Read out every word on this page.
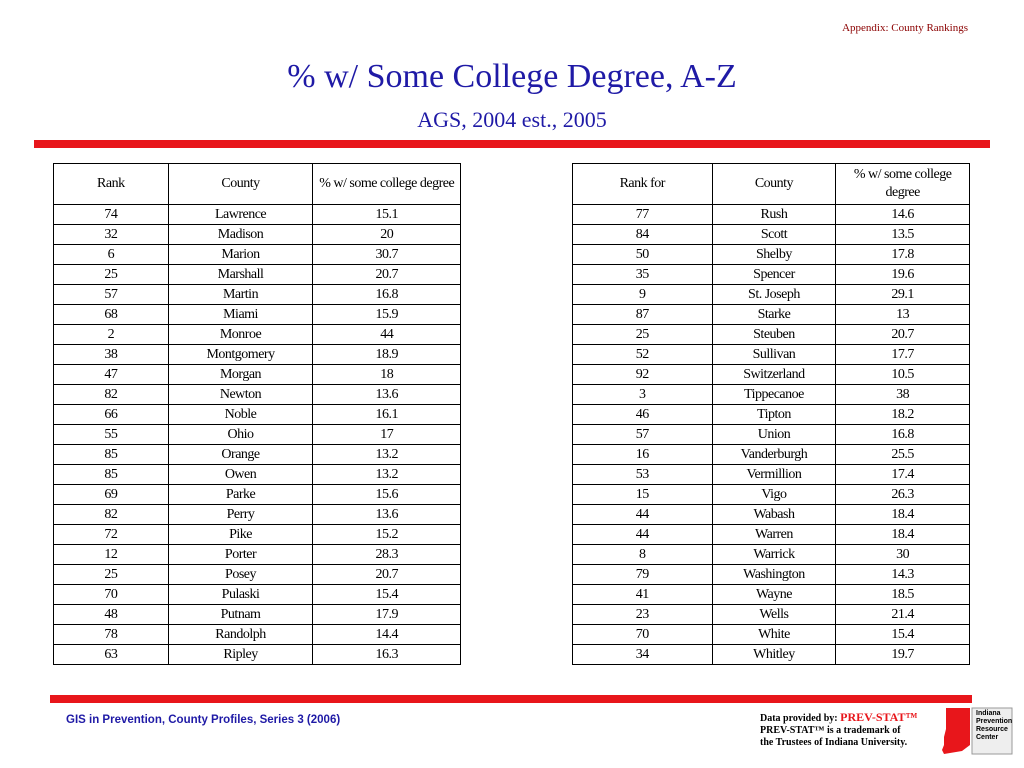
Appendix: County Rankings
% w/ Some College Degree, A-Z
AGS, 2004 est., 2005
Rank	County	% w/ some college degree
74	Lawrence	15.1
32	Madison	20
6	Marion	30.7
25	Marshall	20.7
57	Martin	16.8
68	Miami	15.9
2	Monroe	44
38	Montgomery	18.9
47	Morgan	18
82	Newton	13.6
66	Noble	16.1
55	Ohio	17
85	Orange	13.2
85	Owen	13.2
69	Parke	15.6
82	Perry	13.6
72	Pike	15.2
12	Porter	28.3
25	Posey	20.7
70	Pulaski	15.4
48	Putnam	17.9
78	Randolph	14.4
63	Ripley	16.3
Rank for	County	% w/ some college degree
77	Rush	14.6
84	Scott	13.5
50	Shelby	17.8
35	Spencer	19.6
9	St. Joseph	29.1
87	Starke	13
25	Steuben	20.7
52	Sullivan	17.7
92	Switzerland	10.5
3	Tippecanoe	38
46	Tipton	18.2
57	Union	16.8
16	Vanderburgh	25.5
53	Vermillion	17.4
15	Vigo	26.3
44	Wabash	18.4
44	Warren	18.4
8	Warrick	30
79	Washington	14.3
41	Wayne	18.5
23	Wells	21.4
70	White	15.4
34	Whitley	19.7
GIS in Prevention, County Profiles, Series 3 (2006)	Data provided by: PREV-STAT™
PREV-STAT™ is a trademark of
the Trustees of Indiana University.
Indiana
Prevention
Resource
Center
